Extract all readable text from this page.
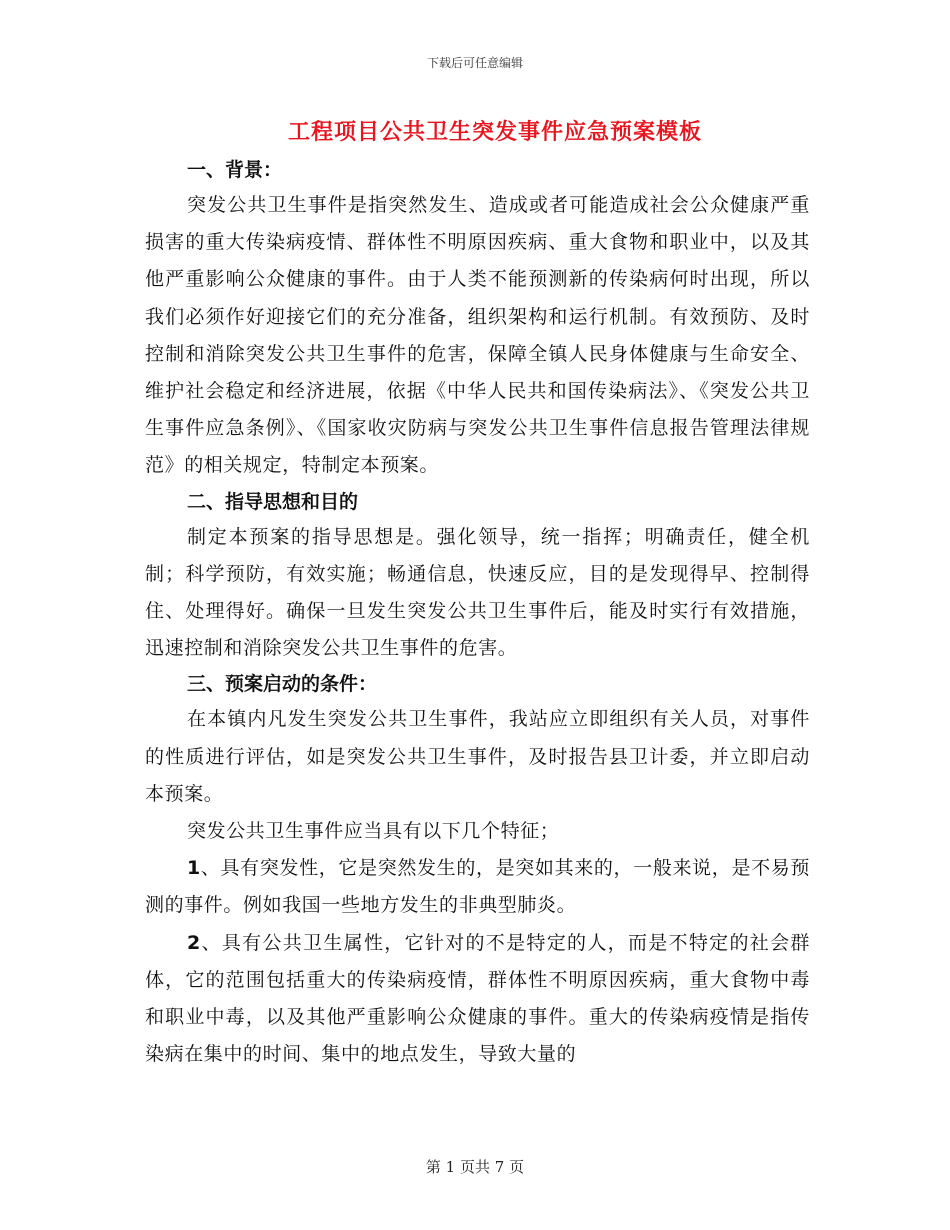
下载后可任意编辑
工程项目公共卫生突发事件应急预案模板
一、背景：

突发公共卫生事件是指突然发生、造成或者可能造成社会公众健康严重损害的重大传染病疫情、群体性不明原因疾病、重大食物和职业中，以及其他严重影响公众健康的事件。由于人类不能预测新的传染病何时出现，所以我们必须作好迎接它们的充分准备，组织架构和运行机制。有效预防、及时控制和消除突发公共卫生事件的危害，保障全镇人民身体健康与生命安全、维护社会稳定和经济进展，依据《中华人民共和国传染病法》、《突发公共卫生事件应急条例》、《国家收灾防病与突发公共卫生事件信息报告管理法律规范》的相关规定，特制定本预案。

二、指导思想和目的

制定本预案的指导思想是。强化领导，统一指挥；明确责任，健全机制；科学预防，有效实施；畅通信息，快速反应，目的是发现得早、控制得住、处理得好。确保一旦发生突发公共卫生事件后，能及时实行有效措施，迅速控制和消除突发公共卫生事件的危害。

三、预案启动的条件：

在本镇内凡发生突发公共卫生事件，我站应立即组织有关人员，对事件的性质进行评估，如是突发公共卫生事件，及时报告县卫计委，并立即启动本预案。

突发公共卫生事件应当具有以下几个特征；

1、具有突发性，它是突然发生的，是突如其来的，一般来说，是不易预测的事件。例如我国一些地方发生的非典型肺炎。

2、具有公共卫生属性，它针对的不是特定的人，而是不特定的社会群体，它的范围包括重大的传染病疫情，群体性不明原因疾病，重大食物中毒和职业中毒，以及其他严重影响公众健康的事件。重大的传染病疫情是指传染病在集中的时间、集中的地点发生，导致大量的

第 1 页共 7 页
